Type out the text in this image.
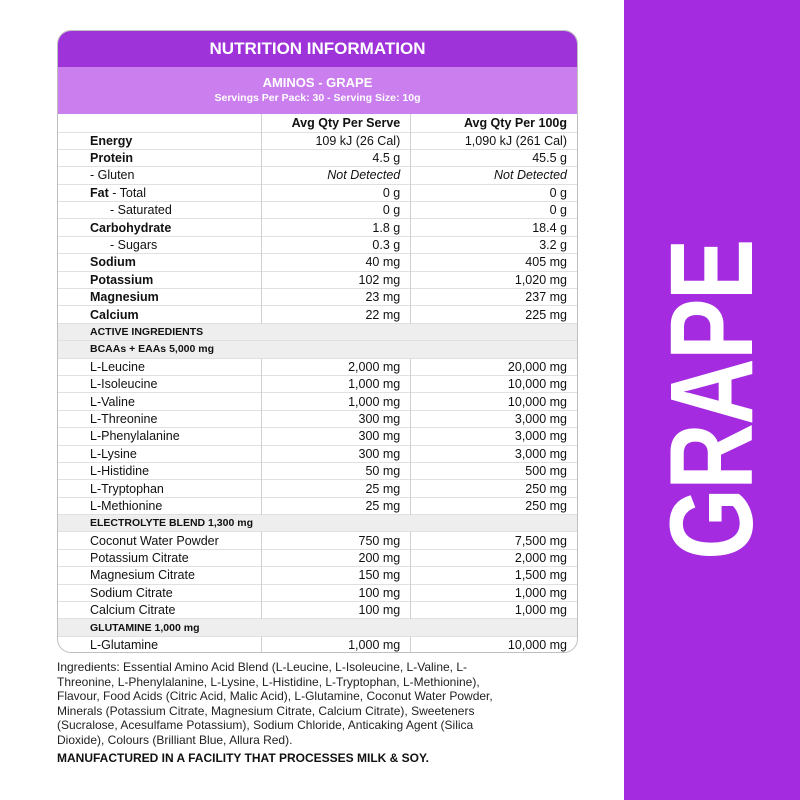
GRAPE
NUTRITION INFORMATION
AMINOS - GRAPE
Servings Per Pack: 30 - Serving Size: 10g
	Avg Qty Per Serve	Avg Qty Per 100g
Energy	109 kJ (26 Cal)	1,090 kJ (261 Cal)
Protein	4.5 g	45.5 g
- Gluten	Not Detected	Not Detected
Fat - Total	0 g	0 g
- Saturated	0 g	0 g
Carbohydrate	1.8 g	18.4 g
- Sugars	0.3 g	3.2 g
Sodium	40 mg	405 mg
Potassium	102 mg	1,020 mg
Magnesium	23 mg	237 mg
Calcium	22 mg	225 mg
ACTIVE INGREDIENTS		
BCAAs + EAAs 5,000 mg		
L-Leucine	2,000 mg	20,000 mg
L-Isoleucine	1,000 mg	10,000 mg
L-Valine	1,000 mg	10,000 mg
L-Threonine	300 mg	3,000 mg
L-Phenylalanine	300 mg	3,000 mg
L-Lysine	300 mg	3,000 mg
L-Histidine	50 mg	500 mg
L-Tryptophan	25 mg	250 mg
L-Methionine	25 mg	250 mg
ELECTROLYTE BLEND 1,300 mg		
Coconut Water Powder	750 mg	7,500 mg
Potassium Citrate	200 mg	2,000 mg
Magnesium Citrate	150 mg	1,500 mg
Sodium Citrate	100 mg	1,000 mg
Calcium Citrate	100 mg	1,000 mg
GLUTAMINE 1,000 mg		
L-Glutamine	1,000 mg	10,000 mg
Ingredients: Essential Amino Acid Blend (L-Leucine, L-Isoleucine, L-Valine, L-Threonine, L-Phenylalanine, L-Lysine, L-Histidine, L-Tryptophan, L-Methionine), Flavour, Food Acids (Citric Acid, Malic Acid), L-Glutamine, Coconut Water Powder, Minerals (Potassium Citrate, Magnesium Citrate, Calcium Citrate), Sweeteners (Sucralose, Acesulfame Potassium), Sodium Chloride, Anticaking Agent (Silica Dioxide), Colours (Brilliant Blue, Allura Red).
MANUFACTURED IN A FACILITY THAT PROCESSES MILK & SOY.
